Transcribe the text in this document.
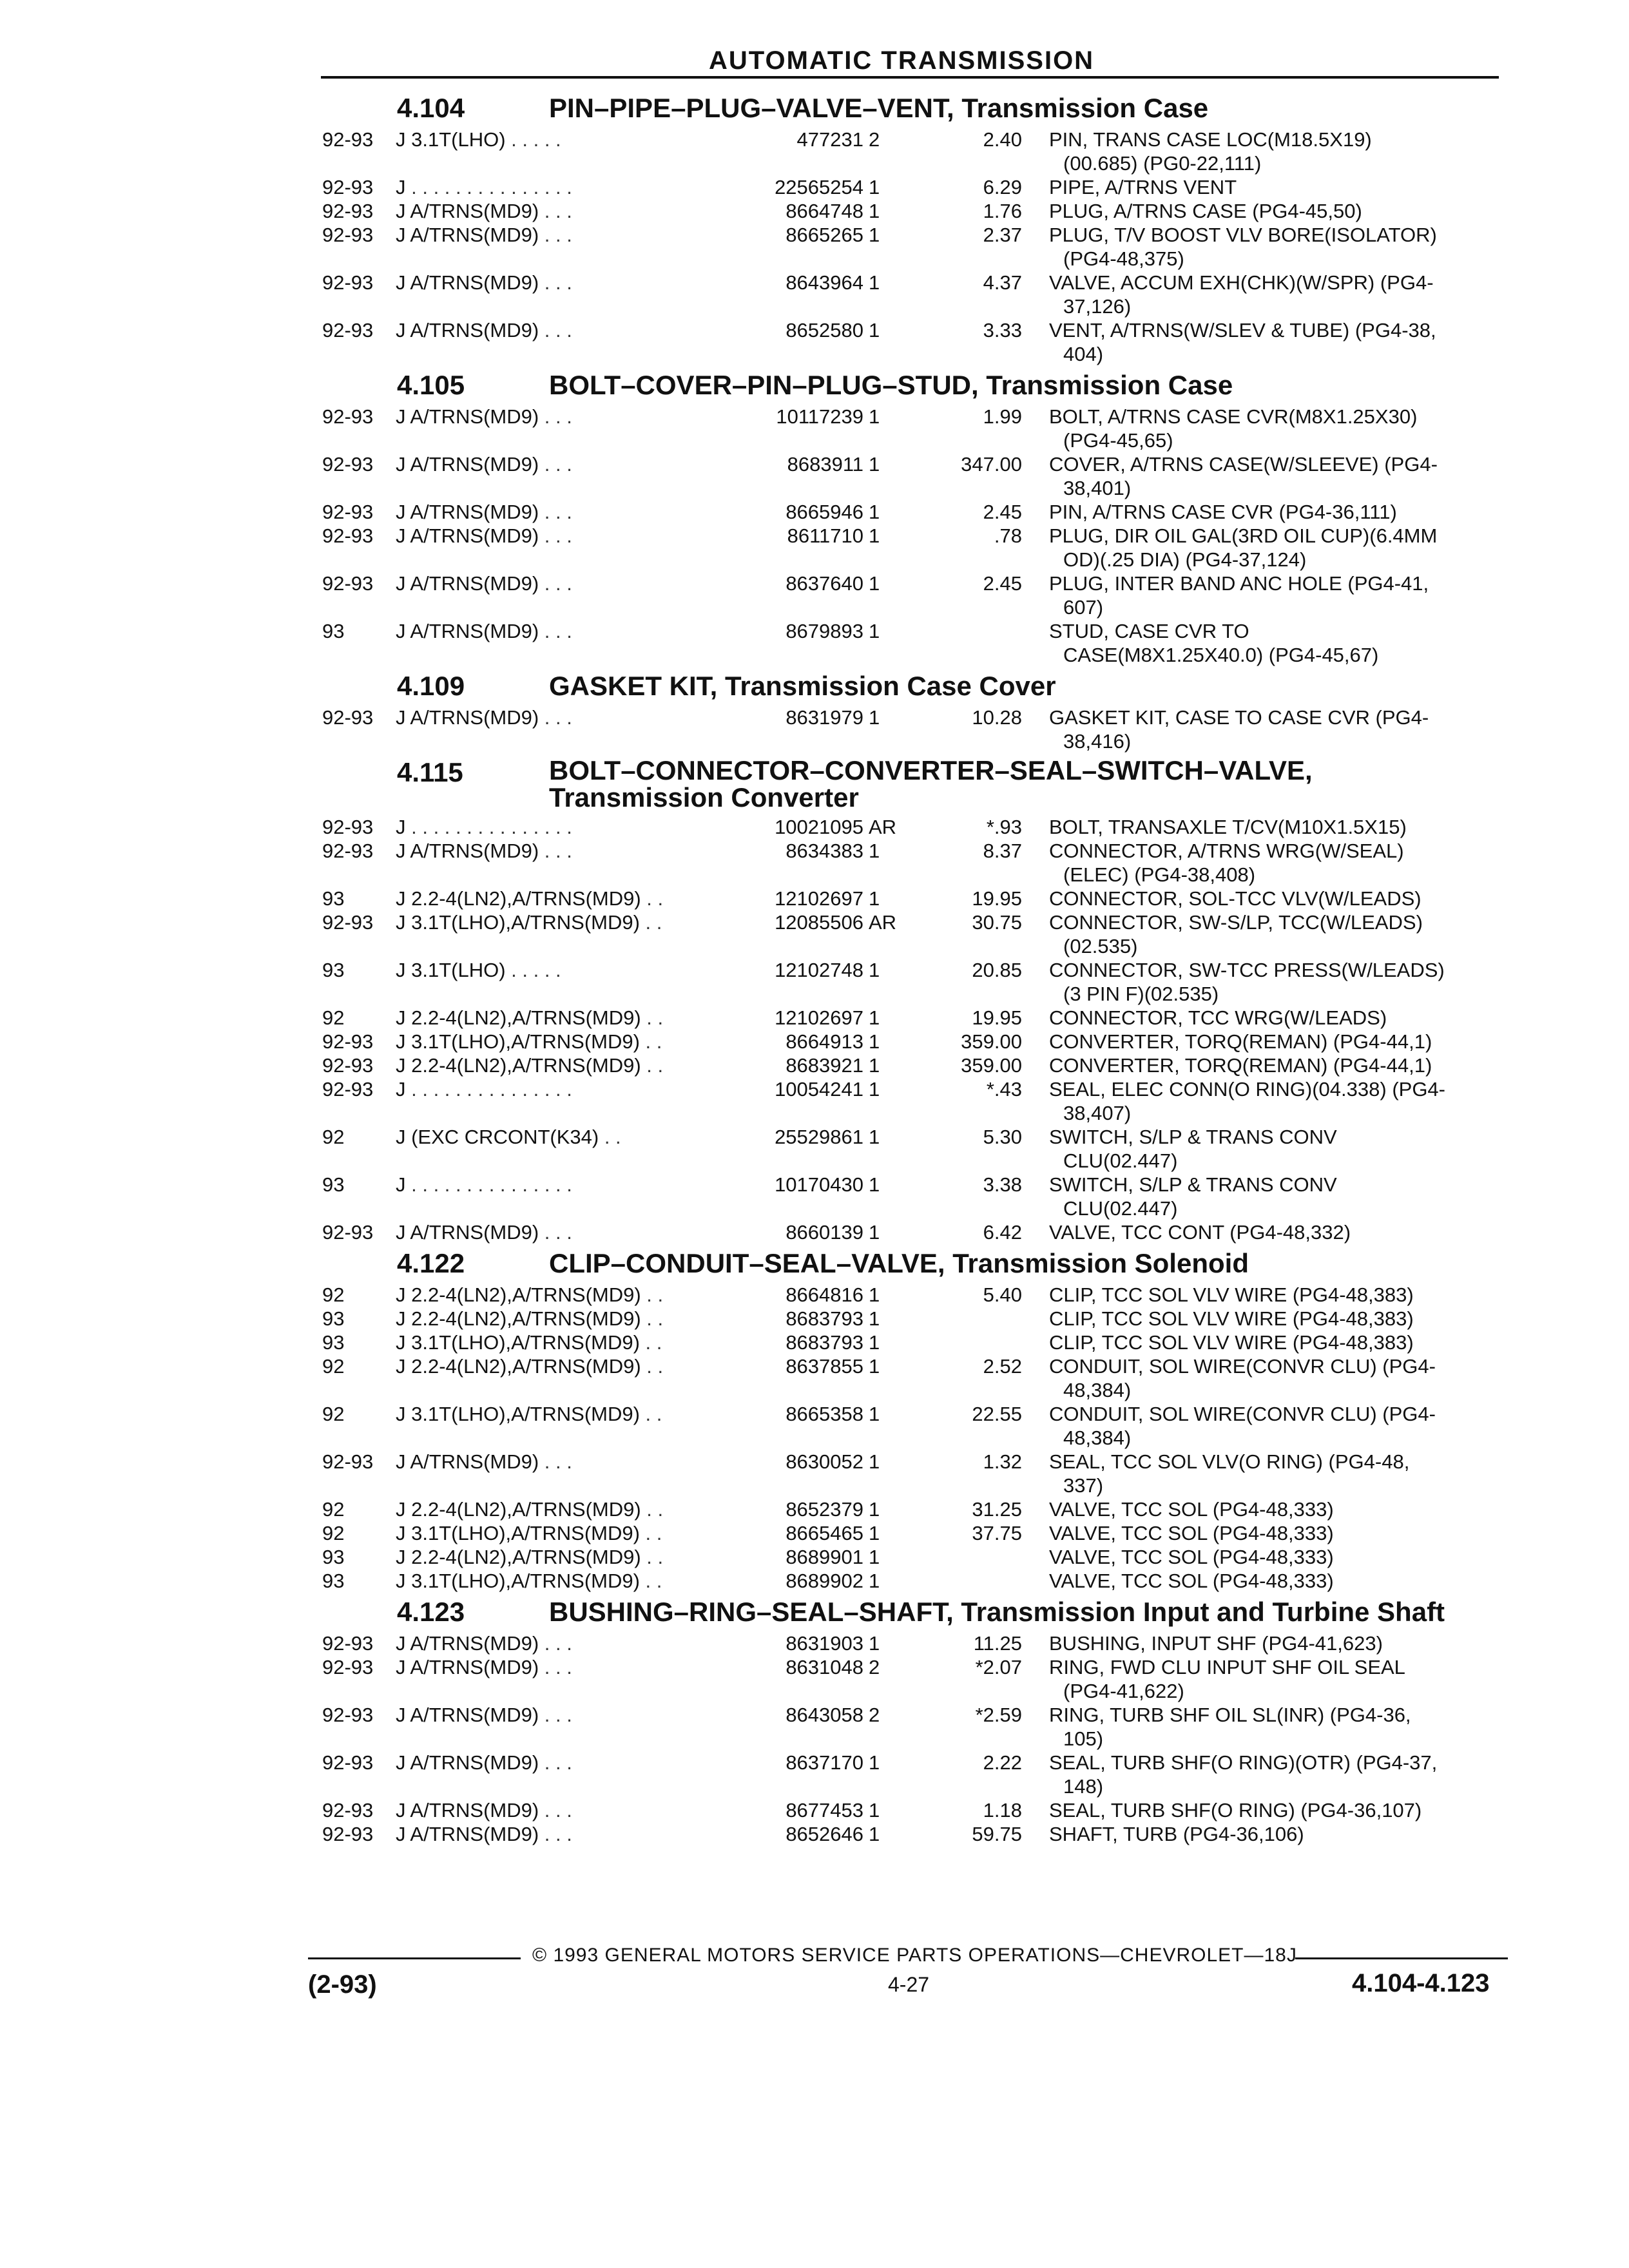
AUTOMATIC TRANSMISSION
4.104	PIN–PIPE–PLUG–VALVE–VENT, Transmission Case
92-93 J 3.1T(LHO) . . . . .	477231 2	2.40 PIN, TRANS CASE LOC(M18.5X19)
(00.685) (PG0-22,111)
92-93 J . . . . . . . . . . . . . . .	22565254 1	6.29 PIPE, A/TRNS VENT
92-93 J A/TRNS(MD9) . . .	8664748 1	1.76 PLUG, A/TRNS CASE (PG4-45,50)
92-93 J A/TRNS(MD9) . . .	8665265 1	2.37 PLUG, T/V BOOST VLV BORE(ISOLATOR)
(PG4-48,375)
92-93 J A/TRNS(MD9) . . .	8643964 1	4.37 VALVE, ACCUM EXH(CHK)(W/SPR) (PG4-
37,126)
92-93 J A/TRNS(MD9) . . .	8652580 1	3.33 VENT, A/TRNS(W/SLEV & TUBE) (PG4-38,
404)
4.105	BOLT–COVER–PIN–PLUG–STUD, Transmission Case
92-93 J A/TRNS(MD9) . . .	10117239 1	1.99 BOLT, A/TRNS CASE CVR(M8X1.25X30)
(PG4-45,65)
92-93 J A/TRNS(MD9) . . .	8683911 1	347.00 COVER, A/TRNS CASE(W/SLEEVE) (PG4-
38,401)
92-93 J A/TRNS(MD9) . . .	8665946 1	2.45 PIN, A/TRNS CASE CVR (PG4-36,111)
92-93 J A/TRNS(MD9) . . .	8611710 1	.78 PLUG, DIR OIL GAL(3RD OIL CUP)(6.4MM
OD)(.25 DIA) (PG4-37,124)
92-93 J A/TRNS(MD9) . . .	8637640 1	2.45 PLUG, INTER BAND ANC HOLE (PG4-41,
607)
93	J A/TRNS(MD9) . . .	8679893 1	STUD, CASE CVR TO
CASE(M8X1.25X40.0) (PG4-45,67)
4.109	GASKET KIT, Transmission Case Cover
92-93 J A/TRNS(MD9) . . .	8631979 1	10.28 GASKET KIT, CASE TO CASE CVR (PG4-
38,416)
4.115	BOLT–CONNECTOR–CONVERTER–SEAL–SWITCH–VALVE,
Transmission Converter
92-93 J . . . . . . . . . . . . . . .	10021095 AR	*.93 BOLT, TRANSAXLE T/CV(M10X1.5X15)
92-93 J A/TRNS(MD9) . . .	8634383 1	8.37 CONNECTOR, A/TRNS WRG(W/SEAL)
(ELEC) (PG4-38,408)
93	J 2.2-4(LN2),A/TRNS(MD9) . .	12102697 1	19.95 CONNECTOR, SOL-TCC VLV(W/LEADS)
92-93 J 3.1T(LHO),A/TRNS(MD9) . .	12085506 AR	30.75 CONNECTOR, SW-S/LP, TCC(W/LEADS)
(02.535)
93	J 3.1T(LHO) . . . . .	12102748 1	20.85 CONNECTOR, SW-TCC PRESS(W/LEADS)
(3 PIN F)(02.535)
92	J 2.2-4(LN2),A/TRNS(MD9) . .	12102697 1	19.95 CONNECTOR, TCC WRG(W/LEADS)
92-93 J 3.1T(LHO),A/TRNS(MD9) . .	8664913 1	359.00 CONVERTER, TORQ(REMAN) (PG4-44,1)
92-93 J 2.2-4(LN2),A/TRNS(MD9) . .	8683921 1	359.00 CONVERTER, TORQ(REMAN) (PG4-44,1)
92-93 J . . . . . . . . . . . . . . .	10054241 1	*.43 SEAL, ELEC CONN(O RING)(04.338) (PG4-
38,407)
92	J (EXC CRCONT(K34) . .	25529861 1	5.30 SWITCH, S/LP & TRANS CONV
CLU(02.447)
93	J . . . . . . . . . . . . . . .	10170430 1	3.38 SWITCH, S/LP & TRANS CONV
CLU(02.447)
92-93 J A/TRNS(MD9) . . .	8660139 1	6.42 VALVE, TCC CONT (PG4-48,332)
4.122	CLIP–CONDUIT–SEAL–VALVE, Transmission Solenoid
92	J 2.2-4(LN2),A/TRNS(MD9) . .	8664816 1	5.40 CLIP, TCC SOL VLV WIRE (PG4-48,383)
93	J 2.2-4(LN2),A/TRNS(MD9) . .	8683793 1	CLIP, TCC SOL VLV WIRE (PG4-48,383)
93	J 3.1T(LHO),A/TRNS(MD9) . .	8683793 1	CLIP, TCC SOL VLV WIRE (PG4-48,383)
92	J 2.2-4(LN2),A/TRNS(MD9) . .	8637855 1	2.52 CONDUIT, SOL WIRE(CONVR CLU) (PG4-
48,384)
92	J 3.1T(LHO),A/TRNS(MD9) . .	8665358 1	22.55 CONDUIT, SOL WIRE(CONVR CLU) (PG4-
48,384)
92-93 J A/TRNS(MD9) . . .	8630052 1	1.32 SEAL, TCC SOL VLV(O RING) (PG4-48,
337)
92	J 2.2-4(LN2),A/TRNS(MD9) . .	8652379 1	31.25 VALVE, TCC SOL (PG4-48,333)
92	J 3.1T(LHO),A/TRNS(MD9) . .	8665465 1	37.75 VALVE, TCC SOL (PG4-48,333)
93	J 2.2-4(LN2),A/TRNS(MD9) . .	8689901 1	VALVE, TCC SOL (PG4-48,333)
93	J 3.1T(LHO),A/TRNS(MD9) . .	8689902 1	VALVE, TCC SOL (PG4-48,333)
4.123	BUSHING–RING–SEAL–SHAFT, Transmission Input and Turbine Shaft
92-93 J A/TRNS(MD9) . . .	8631903 1	11.25 BUSHING, INPUT SHF (PG4-41,623)
92-93 J A/TRNS(MD9) . . .	8631048 2	*2.07 RING, FWD CLU INPUT SHF OIL SEAL
(PG4-41,622)
92-93 J A/TRNS(MD9) . . .	8643058 2	*2.59 RING, TURB SHF OIL SL(INR) (PG4-36,
105)
92-93 J A/TRNS(MD9) . . .	8637170 1	2.22 SEAL, TURB SHF(O RING)(OTR) (PG4-37,
148)
92-93 J A/TRNS(MD9) . . .	8677453 1	1.18 SEAL, TURB SHF(O RING) (PG4-36,107)
92-93 J A/TRNS(MD9) . . .	8652646 1	59.75 SHAFT, TURB (PG4-36,106)
© 1993 GENERAL MOTORS SERVICE PARTS OPERATIONS—CHEVROLET—18J
(2-93)	4-27	4.104-4.123
